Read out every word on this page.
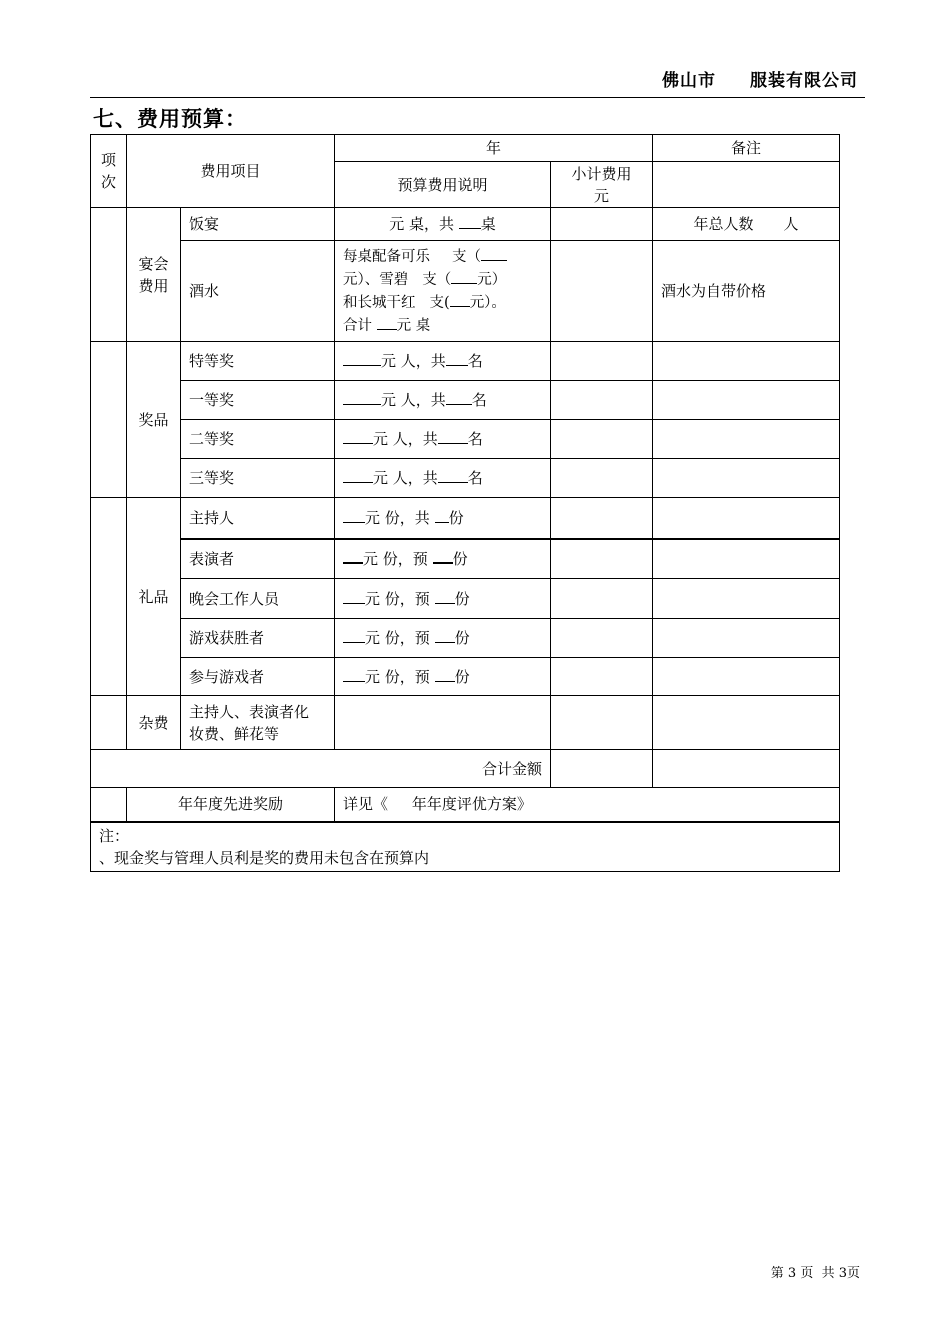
佛山市 服装有限公司
七、费用预算：
项
次	费用项目		年		备注
			预算费用说明	小计费用
元	

	宴会
费用	饭宴	元 桌，共 桌		年总人数 人
		酒水	每桌配备可乐 支（
元）、雪碧 支（ 元）
和长城干红 支( 元）。
合计 元 桌		酒水为自带价格
	奖品	特等奖	元 人，共 名		
		一等奖	元 人，共 名		
		二等奖	元 人，共 名		
		三等奖	元 人，共 名		
	礼品	主持人	元 份，共 份		
		表演者	元 份，预 份		
		晚会工作人员	元 份，预 份		
		游戏获胜者	元 份，预 份		
		参与游戏者	元 份，预 份		
	杂费	主持人、表演者化
妆费、鲜花等			

合计金额					
	年年度先进奖励		详见《     年年度评优方案》		

注：
、现金奖与管理人员利是奖的费用未包含在预算内					
第 3 页  共 3页
